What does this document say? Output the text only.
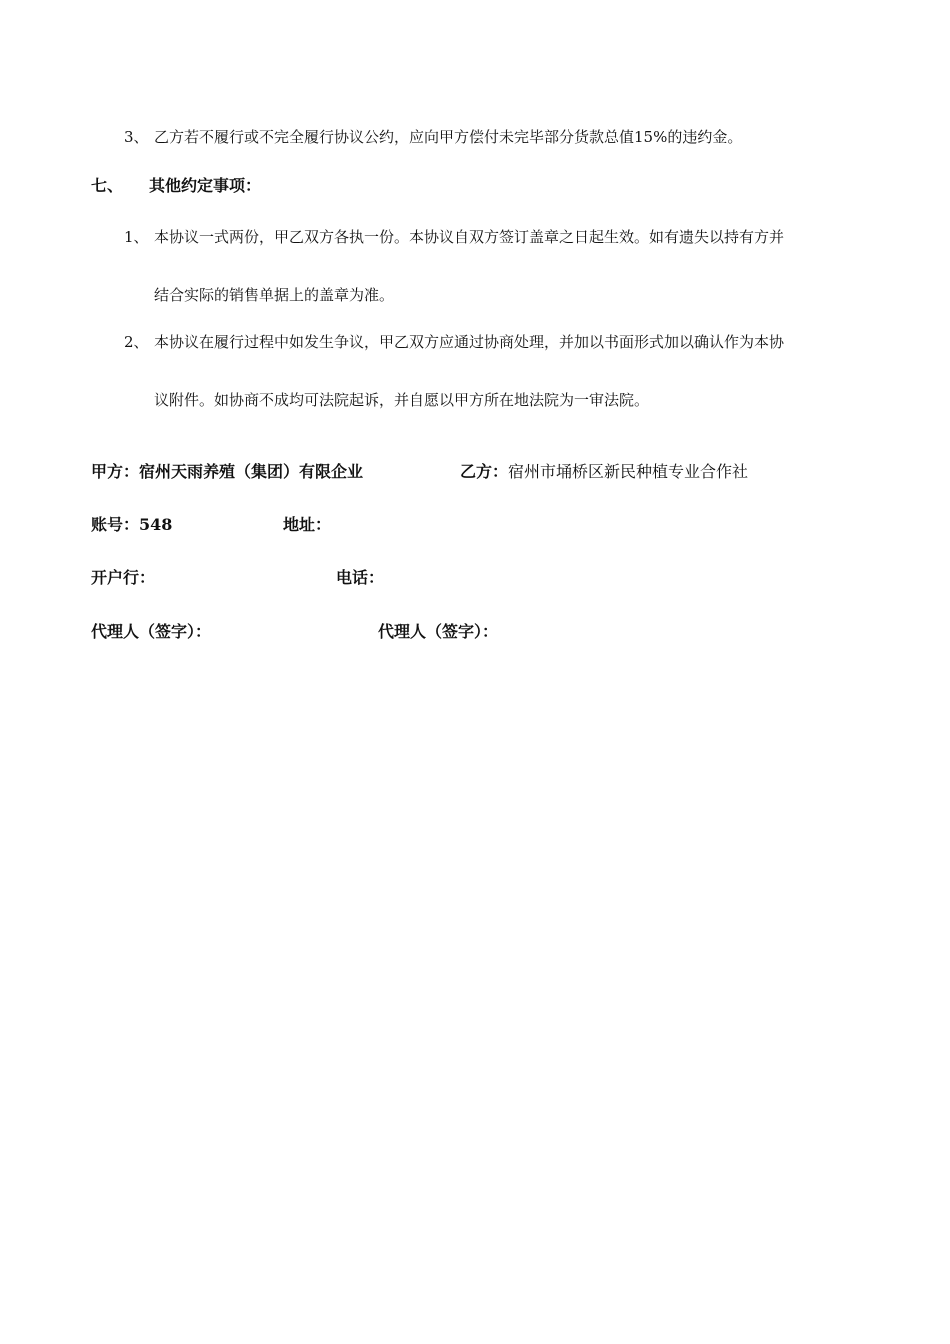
3、 乙方若不履行或不完全履行协议公约，应向甲方偿付未完毕部分货款总值15%的违约金。
七、 其他约定事项：
1、 本协议一式两份，甲乙双方各执一份。本协议自双方签订盖章之日起生效。如有遗失以持有方并
结合实际的销售单据上的盖章为准。
2、 本协议在履行过程中如发生争议，甲乙双方应通过协商处理，并加以书面形式加以确认作为本协
议附件。如协商不成均可法院起诉，并自愿以甲方所在地法院为一审法院。
甲方：宿州天雨养殖（集团）有限企业	乙方：宿州市埇桥区新民种植专业合作社
账号：548	地址：
开户行：	电话：
代理人（签字）：	代理人（签字）：
